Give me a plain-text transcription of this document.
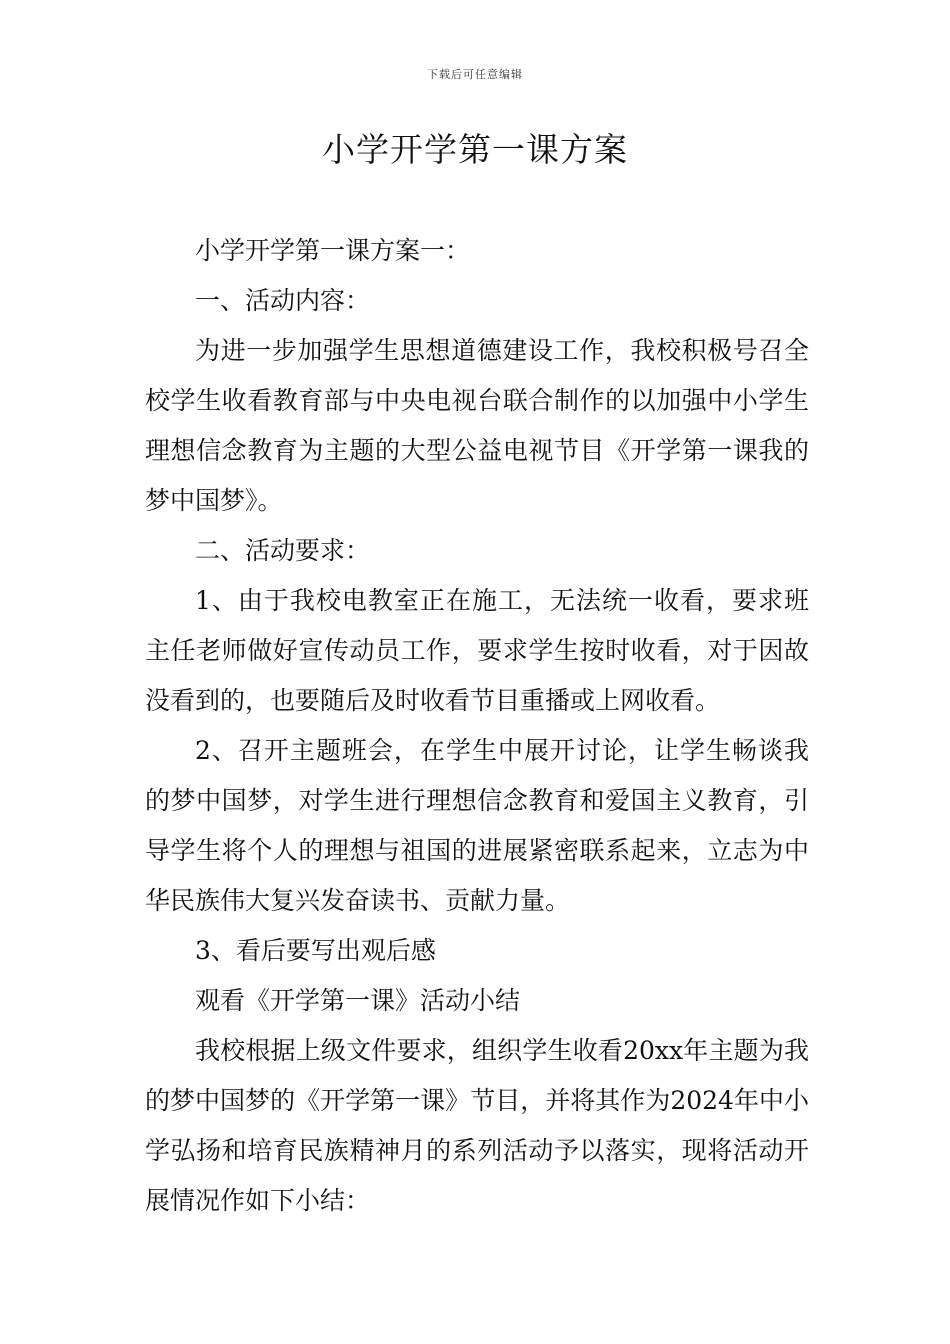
下载后可任意编辑
小学开学第一课方案

小学开学第一课方案一：

一、活动内容：

为进一步加强学生思想道德建设工作，我校积极号召全校学生收看教育部与中央电视台联合制作的以加强中小学生理想信念教育为主题的大型公益电视节目《开学第一课我的梦中国梦》。

二、活动要求：

1、由于我校电教室正在施工，无法统一收看，要求班主任老师做好宣传动员工作，要求学生按时收看，对于因故没看到的，也要随后及时收看节目重播或上网收看。

2、召开主题班会，在学生中展开讨论，让学生畅谈我的梦中国梦，对学生进行理想信念教育和爱国主义教育，引导学生将个人的理想与祖国的进展紧密联系起来，立志为中华民族伟大复兴发奋读书、贡献力量。

3、看后要写出观后感

观看《开学第一课》活动小结

我校根据上级文件要求，组织学生收看20xx年主题为我的梦中国梦的《开学第一课》节目，并将其作为2024年中小学弘扬和培育民族精神月的系列活动予以落实，现将活动开展情况作如下小结：
